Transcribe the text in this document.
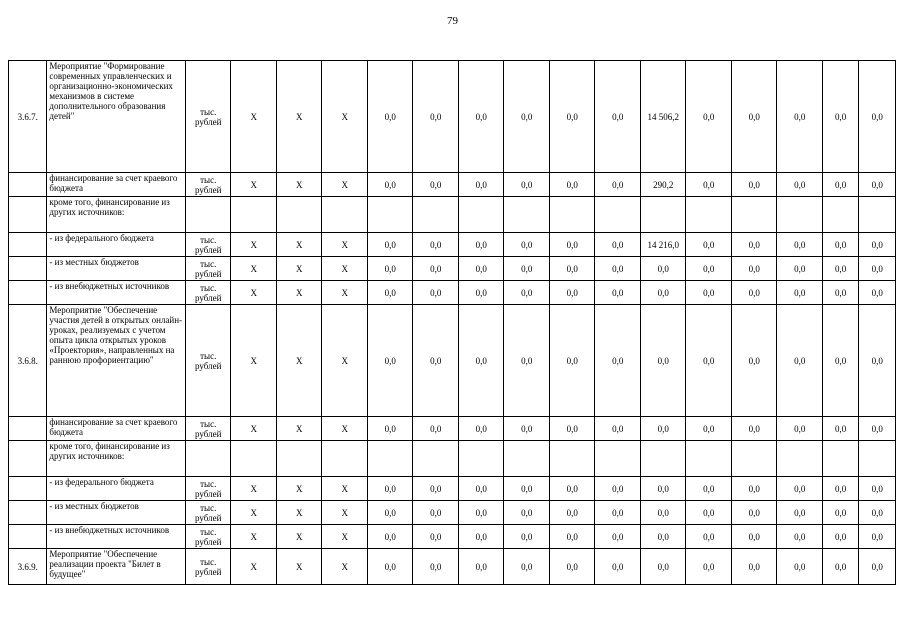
79
3.6.7.	Мероприятие "Формирование современных управленческих и организационно-экономических механизмов в системе дополнительного образования детей"	тыс. рублей	Х	Х	Х	0,0	0,0	0,0	0,0	0,0	0,0	14 506,2	0,0	0,0	0,0	0,0	0,0
	финансирование за счет краевого бюджета	тыс. рублей	Х	Х	Х	0,0	0,0	0,0	0,0	0,0	0,0	290,2	0,0	0,0	0,0	0,0	0,0
	кроме того, финансирование из других источников:																
	- из федерального бюджета	тыс. рублей	Х	Х	Х	0,0	0,0	0,0	0,0	0,0	0,0	14 216,0	0,0	0,0	0,0	0,0	0,0
	- из местных бюджетов	тыс. рублей	Х	Х	Х	0,0	0,0	0,0	0,0	0,0	0,0	0,0	0,0	0,0	0,0	0,0	0,0
	- из внебюджетных источников	тыс. рублей	Х	Х	Х	0,0	0,0	0,0	0,0	0,0	0,0	0,0	0,0	0,0	0,0	0,0	0,0
3.6.8.	Мероприятие "Обеспечение участия детей в открытых онлайн-уроках, реализуемых с учетом опыта цикла открытых уроков «Проектория», направленных на раннюю профориентацию"	тыс. рублей	Х	Х	Х	0,0	0,0	0,0	0,0	0,0	0,0	0,0	0,0	0,0	0,0	0,0	0,0
	финансирование за счет краевого бюджета	тыс. рублей	Х	Х	Х	0,0	0,0	0,0	0,0	0,0	0,0	0,0	0,0	0,0	0,0	0,0	0,0
	кроме того, финансирование из других источников:																
	- из федерального бюджета	тыс. рублей	Х	Х	Х	0,0	0,0	0,0	0,0	0,0	0,0	0,0	0,0	0,0	0,0	0,0	0,0
	- из местных бюджетов	тыс. рублей	Х	Х	Х	0,0	0,0	0,0	0,0	0,0	0,0	0,0	0,0	0,0	0,0	0,0	0,0
	- из внебюджетных источников	тыс. рублей	Х	Х	Х	0,0	0,0	0,0	0,0	0,0	0,0	0,0	0,0	0,0	0,0	0,0	0,0
3.6.9.	Мероприятие "Обеспечение реализации проекта "Билет в будущее"	тыс. рублей	Х	Х	Х	0,0	0,0	0,0	0,0	0,0	0,0	0,0	0,0	0,0	0,0	0,0	0,0
